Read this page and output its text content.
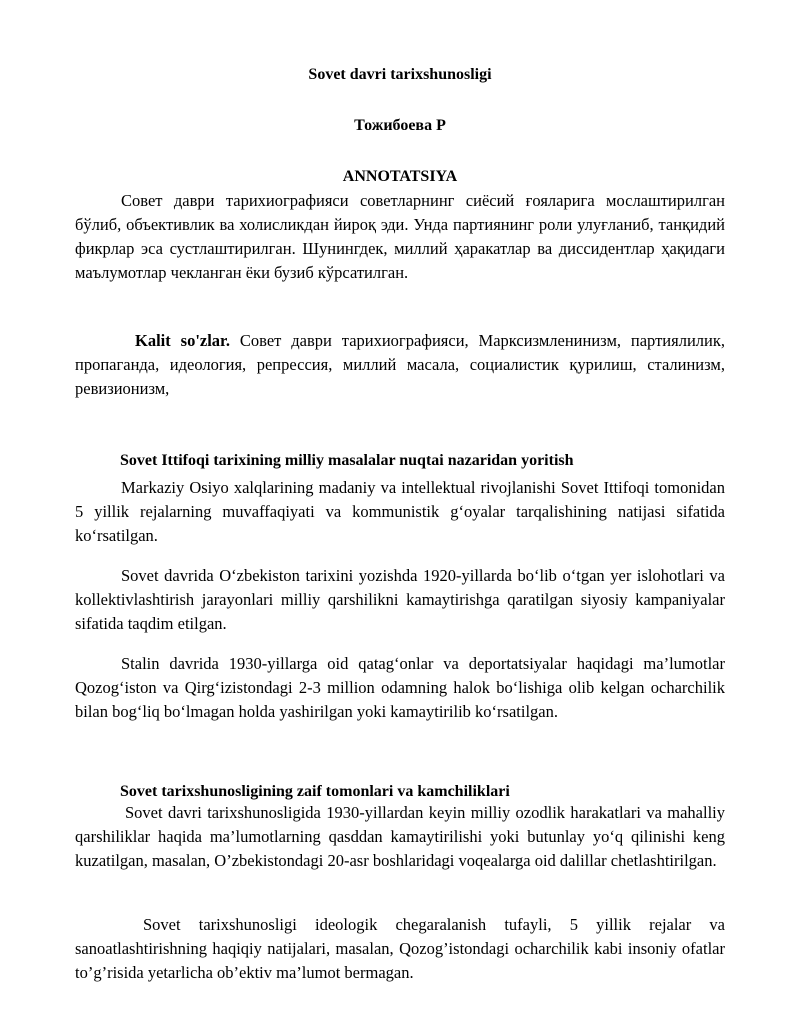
Sovet davri tarixshunosligi
Тожибоева Р
ANNOTATSIYA
Совет даври тарихиографияси советларнинг сиёсий ғояларига мослаштирилган бўлиб, объективлик ва холисликдан йироқ эди. Унда партиянинг роли улуғланиб, танқидий фикрлар эса сустлаштирилган. Шунингдек, миллий ҳаракатлар ва диссидентлар ҳақидаги маълумотлар чекланган ёки бузиб кўрсатилган.
Kalit so'zlar. Совет даври тарихиографияси, Марксизмленинизм, партиялилик, пропаганда, идеология, репрессия, миллий масала, социалистик қурилиш, сталинизм, ревизионизм,
Sovet Ittifoqi tarixining milliy masalalar nuqtai nazaridan yoritish
Markaziy Osiyo xalqlarining madaniy va intellektual rivojlanishi Sovet Ittifoqi tomonidan 5 yillik rejalarning muvaffaqiyati va kommunistik g‘oyalar tarqalishining natijasi sifatida ko‘rsatilgan.
Sovet davrida O‘zbekiston tarixini yozishda 1920-yillarda bo‘lib o‘tgan yer islohotlari va kollektivlashtirish jarayonlari milliy qarshilikni kamaytirishga qaratilgan siyosiy kampaniyalar sifatida taqdim etilgan.
Stalin davrida 1930-yillarga oid qatag‘onlar va deportatsiyalar haqidagi ma’lumotlar Qozog‘iston va Qirg‘izistondagi 2-3 million odamning halok bo‘lishiga olib kelgan ocharchilik bilan bog‘liq bo‘lmagan holda yashirilgan yoki kamaytirilib ko‘rsatilgan.
Sovet tarixshunosligining zaif tomonlari va kamchiliklari
Sovet davri tarixshunosligida 1930-yillardan keyin milliy ozodlik harakatlari va mahalliy qarshiliklar haqida ma’lumotlarning qasddan kamaytirilishi yoki butunlay yo‘q qilinishi keng kuzatilgan, masalan, O’zbekistondagi 20-asr boshlaridagi voqealarga oid dalillar chetlashtirilgan.
Sovet tarixshunosligi ideologik chegaralanish tufayli, 5 yillik rejalar va sanoatlashtirishning haqiqiy natijalari, masalan, Qozog’istondagi ocharchilik kabi insoniy ofatlar to’g’risida yetarlicha ob’ektiv ma’lumot bermagan.
